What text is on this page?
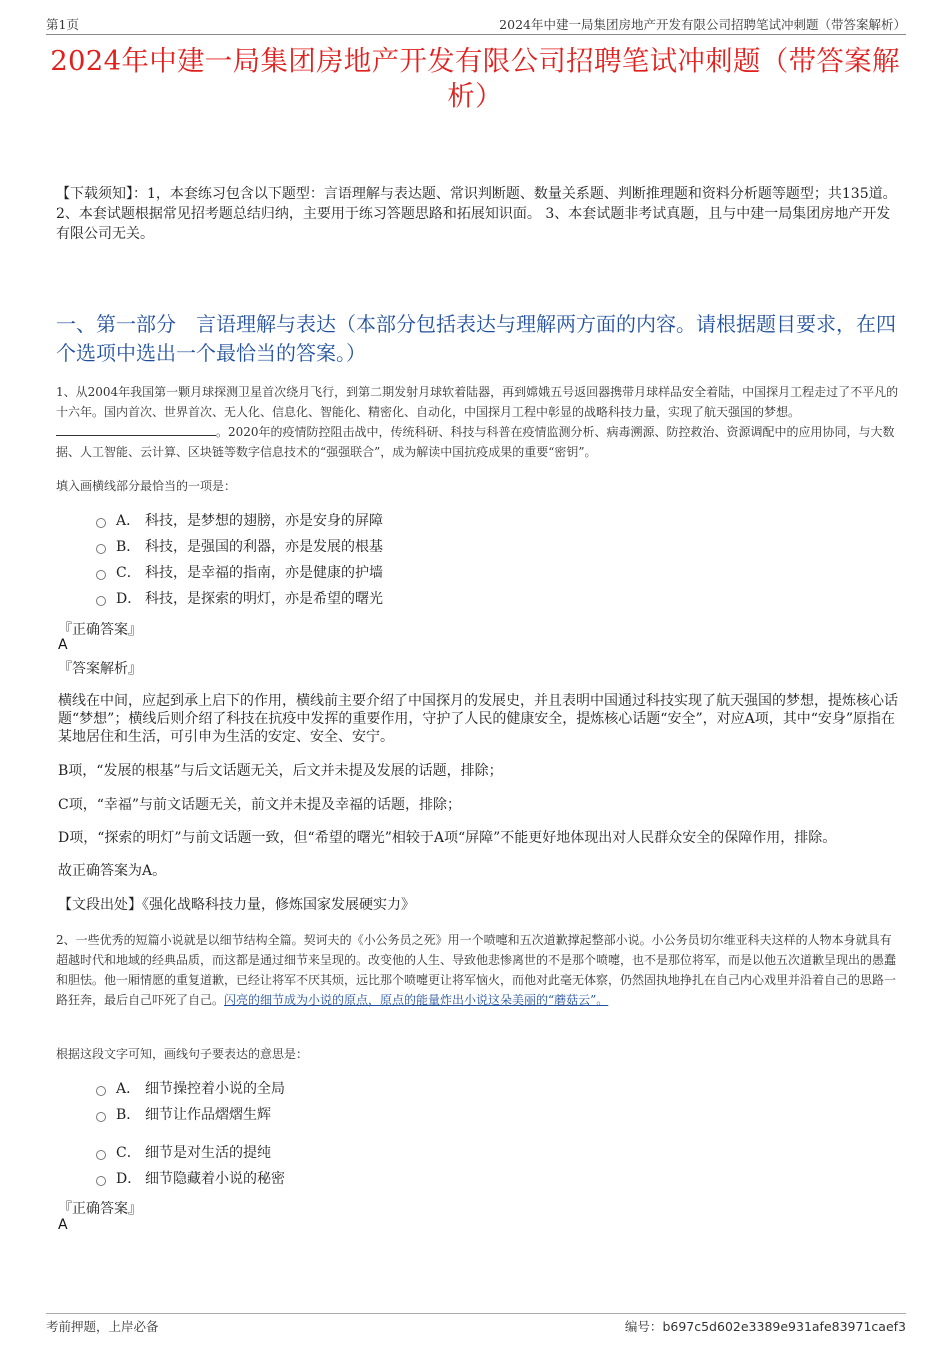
第1页	2024年中建一局集团房地产开发有限公司招聘笔试冲刺题（带答案解析）
2024年中建一局集团房地产开发有限公司招聘笔试冲刺题（带答案解析）
【下载须知】：1，本套练习包含以下题型：言语理解与表达题、常识判断题、数量关系题、判断推理题和资料分析题等题型；共135道。 2、本套试题根据常见招考题总结归纳，主要用于练习答题思路和拓展知识面。 3、本套试题非考试真题，且与中建一局集团房地产开发有限公司无关。
一、第一部分　言语理解与表达（本部分包括表达与理解两方面的内容。请根据题目要求，在四个选项中选出一个最恰当的答案。）
1、从2004年我国第一颗月球探测卫星首次绕月飞行，到第二期发射月球软着陆器，再到嫦娥五号返回器携带月球样品安全着陆，中国探月工程走过了不平凡的十六年。国内首次、世界首次、无人化、信息化、智能化、精密化、自动化，中国探月工程中彰显的战略科技力量，实现了航天强国的梦想。。2020年的疫情防控阻击战中，传统科研、科技与科普在疫情监测分析、病毒溯源、防控救治、资源调配中的应用协同，与大数据、人工智能、云计算、区块链等数字信息技术的“强强联合”，成为解读中国抗疫成果的重要“密钥”。
填入画横线部分最恰当的一项是：
A． 科技，是梦想的翅膀，亦是安身的屏障
B． 科技，是强国的利器，亦是发展的根基
C． 科技，是幸福的指南，亦是健康的护墙
D． 科技，是探索的明灯，亦是希望的曙光
『正确答案』
A
『答案解析』
横线在中间，应起到承上启下的作用，横线前主要介绍了中国探月的发展史，并且表明中国通过科技实现了航天强国的梦想，提炼核心话题“梦想”；横线后则介绍了科技在抗疫中发挥的重要作用，守护了人民的健康安全，提炼核心话题“安全”，对应A项，其中“安身”原指在某地居住和生活，可引申为生活的安定、安全、安宁。
B项，“发展的根基”与后文话题无关，后文并未提及发展的话题，排除；
C项，“幸福”与前文话题无关，前文并未提及幸福的话题，排除；
D项，“探索的明灯”与前文话题一致，但“希望的曙光”相较于A项“屏障”不能更好地体现出对人民群众安全的保障作用，排除。
故正确答案为A。
【文段出处】《强化战略科技力量，修炼国家发展硬实力》
2、一些优秀的短篇小说就是以细节结构全篇。契诃夫的《小公务员之死》用一个喷嚏和五次道歉撑起整部小说。小公务员切尔维亚科夫这样的人物本身就具有超越时代和地域的经典品质，而这都是通过细节来呈现的。改变他的人生、导致他悲惨离世的不是那个喷嚏，也不是那位将军，而是以他五次道歉呈现出的愚蠢和胆怯。他一厢情愿的重复道歉，已经让将军不厌其烦，远比那个喷嚏更让将军恼火，而他对此毫无体察，仍然固执地挣扎在自己内心戏里并沿着自己的思路一路狂奔，最后自己吓死了自己。闪亮的细节成为小说的原点，原点的能量炸出小说这朵美丽的“蘑菇云”。
根据这段文字可知，画线句子要表达的意思是：
A． 细节操控着小说的全局
B． 细节让作品熠熠生辉
C． 细节是对生活的提纯
D． 细节隐藏着小说的秘密
『正确答案』
A
考前押题，上岸必备	编号：b697c5d602e3389e931afe83971caef3
